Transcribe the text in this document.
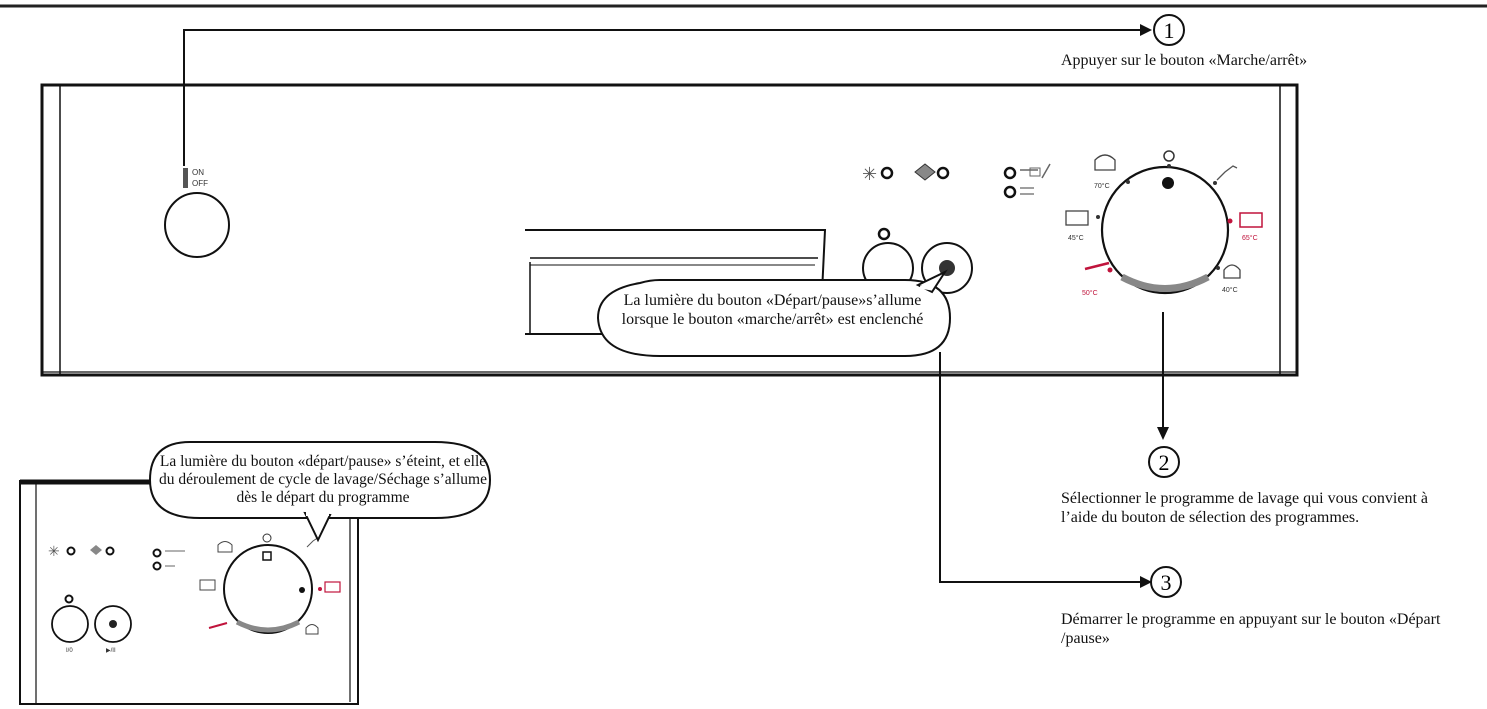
ON
OFF
1
2
3
✳
70°C
45°C	65°C
50°C	40°C
✳
I/0	▶/II
Appuyer sur le bouton «Marche/arrêt»
Sélectionner le programme de lavage qui vous convient à l’aide du bouton de sélection des programmes.
Démarrer le programme en appuyant sur le bouton «Départ /pause»
La lumière du bouton «Départ/pause»s’allume lorsque le bouton «marche/arrêt» est enclenché
La lumière du bouton «départ/pause» s’éteint, et elle du déroulement de cycle de lavage/Séchage s’allume dès le départ du programme
